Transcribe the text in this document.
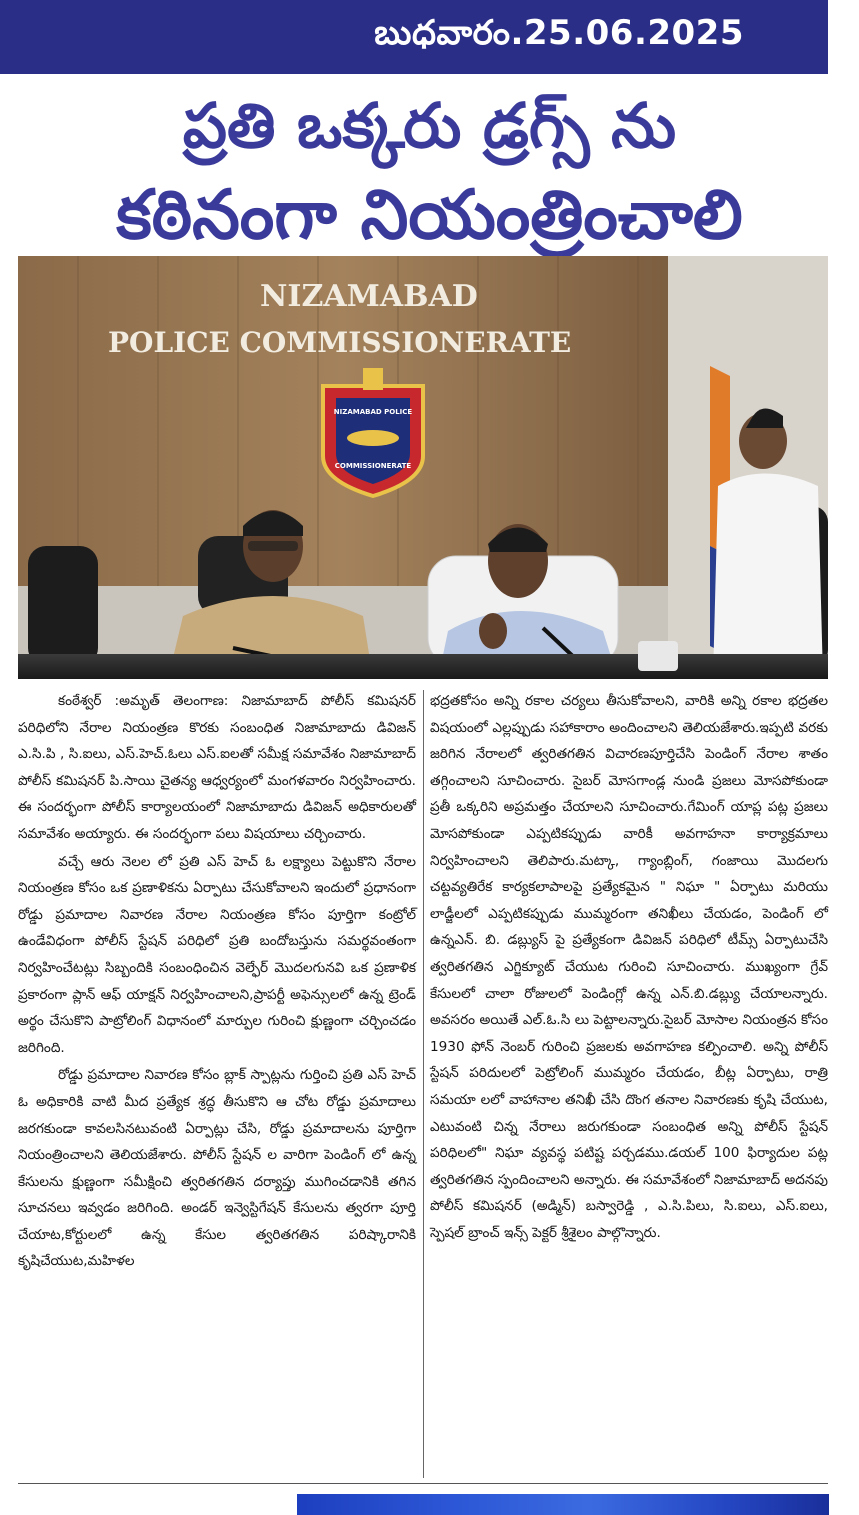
బుధవారం.25.06.2025
ప్రతి ఒక్కరు డ్రగ్స్ ను
కఠినంగా నియంత్రించాలి
NIZAMABAD
POLICE COMMISSIONERATE
NIZAMABAD POLICE
COMMISSIONERATE

కంఠేశ్వర్ :అమృత్ తెలంగాణ: నిజామాబాద్ పోలీస్ కమిషనర్ పరిధిలోని నేరాల నియంత్రణ కొరకు సంబంధిత నిజామాబాదు డివిజన్ ఎ.సి.పి , సి.ఐలు, ఎస్.హెచ్.ఓలు ఎస్.ఐలతో సమీక్ష సమావేశం నిజామాబాద్ పోలీస్ కమిషనర్ పి.సాయి చైతన్య ఆధ్వర్యంలో మంగళవారం నిర్వహించారు. ఈ సందర్భంగా పోలీస్ కార్యాలయంలో నిజామాబాదు డివిజన్ అధికారులతో సమావేశం అయ్యారు. ఈ సందర్భంగా పలు విషయాలు చర్చించారు.

వచ్చే ఆరు నెలల లో ప్రతి ఎస్ హెచ్ ఓ లక్ష్యాలు పెట్టుకొని నేరాల నియంత్రణ కోసం ఒక ప్రణాళికను ఏర్పాటు చేసుకోవాలని ఇందులో ప్రధానంగా రోడ్డు ప్రమాదాల నివారణ నేరాల నియంత్రణ కోసం పూర్తిగా కంట్రోల్ ఉండేవిధంగా పోలీస్ స్టేషన్ పరిధిలో ప్రతి బందోబస్తును సమర్థవంతంగా నిర్వహించేటట్లు సిబ్బందికి సంబంధించిన వెల్ఫేర్ మొదలగునవి ఒక ప్రణాళిక ప్రకారంగా ప్లాన్ ఆఫ్ యాక్షన్ నిర్వహించాలని,ప్రాపర్టీ అఫెన్సులలో ఉన్న ట్రెండ్ అర్థం చేసుకొని పాట్రోలింగ్ విధానంలో మార్పుల గురించి క్షుణ్ణంగా చర్చించడం జరిగింది.

రోడ్డు ప్రమాదాల నివారణ కోసం బ్లాక్ స్పాట్లను గుర్తించి ప్రతి ఎస్ హెచ్ ఓ అధికారికి వాటి మీద ప్రత్యేక శ్రద్ధ తీసుకొని ఆ చోట రోడ్డు ప్రమాదాలు జరగకుండా కావలసినటువంటి ఏర్పాట్లు చేసి, రోడ్డు ప్రమాదాలను పూర్తిగా నియంత్రించాలని తెలియజేశారు. పోలీస్ స్టేషన్ ల వారిగా పెండింగ్ లో ఉన్న కేసులను క్షుణ్ణంగా సమీక్షించి త్వరితగతిన దర్యాప్తు ముగించడానికి తగిన సూచనలు ఇవ్వడం జరిగింది. అండర్ ఇన్వెస్టిగేషన్ కేసులను త్వరగా పూర్తి చేయాట,కోర్టులలో ఉన్న కేసుల త్వరితగతిన పరిష్కారానికి కృషిచేయుట,మహిళల

భద్రతకోసం అన్ని రకాల చర్యలు తీసుకోవాలని, వారికి అన్ని రకాల భద్రతల విషయంలో ఎల్లప్పుడు సహాకారాం అందించాలని తెలియజేశారు.ఇప్పటి వరకు జరిగిన నేరాలలో త్వరితగతిన విచారణపూర్తిచేసి పెండింగ్ నేరాల శాతం తగ్గించాలని సూచించారు. సైబర్ మోసగాండ్ల నుండి ప్రజలు మోసపోకుండా ప్రతీ ఒక్కరిని అప్రమత్తం చేయాలని సూచించారు.గేమింగ్ యాప్ల పట్ల ప్రజలు మోసపోకుండా ఎప్పటికప్పుడు వారికీ అవగాహనా కార్యాక్రమాలు నిర్వహించాలని తెలిపారు.మట్కా, గ్యాంబ్లింగ్, గంజాయి మొదలగు చట్టవ్యతిరేక కార్యకలాపాలపై ప్రత్యేకమైన " నిఘా " ఏర్పాటు మరియు లాడ్జీలలో ఎప్పటికప్పుడు ముమ్మరంగా తనిఖీలు చేయడం, పెండింగ్ లో ఉన్నఎన్. బి. డబ్ల్యుస్ పై ప్రత్యేకంగా డివిజన్ పరిధిలో టీమ్స్ ఏర్పాటుచేసి త్వరితగతిన ఎగ్జిక్యూట్ చేయుట గురించి సూచించారు. ముఖ్యంగా గ్రేవ్ కేసులలో చాలా రోజులలో పెండింగ్లో ఉన్న ఎన్.బి.డబ్ల్యు చేయాలన్నారు. అవసరం అయితే ఎల్.ఓ.సి లు పెట్టాలన్నారు.సైబర్ మోసాల నియంత్రన కోసం 1930 ఫోన్ నెంబర్ గురించి ప్రజలకు అవగాహణ కల్పించాలి. అన్ని పోలీస్ స్టేషన్ పరిదులలో పెట్రోలింగ్ ముమ్మరం చేయడం, బీట్ల ఏర్పాటు, రాత్రి సమయా లలో వాహానాల తనిఖీ చేసి దొంగ తనాల నివారణకు కృషి చేయుట, ఎటువంటి చిన్న నేరాలు జరుగకుండా సంబంధిత అన్ని పోలీస్ స్టేషన్ పరిధిలలో" నిఘా వ్యవస్థ పటిష్ట పర్చడము.డయల్ 100 ఫిర్యాదుల పట్ల త్వరితగతిన స్పందించాలని అన్నారు. ఈ సమావేశంలో నిజామాబాద్ అదనపు పోలీస్ కమిషనర్ (అడ్మిన్) బస్వారెడ్డి , ఎ.సి.పిలు, సి.ఐలు, ఎస్.ఐలు, స్పెషల్ బ్రాంచ్ ఇన్స్ పెక్టర్ శ్రీశైలం పాల్గొన్నారు.
